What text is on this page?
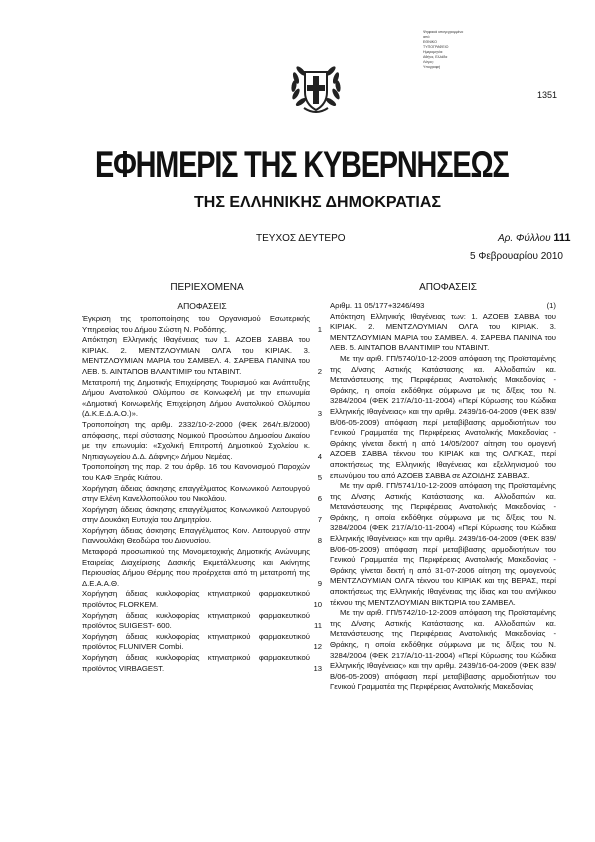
Ψηφιακά υπογεγραμμένο
από
ΕΘΝΙΚΟ
ΤΥΠΟΓΡΑΦΕΙΟ
Ημερομηνία:
Αθήνα, Ελλάδα
Λόγος:
Υπογραφή
1351
ΕΦΗΜΕΡΙΣ ΤΗΣ ΚΥΒΕΡΝΗΣΕΩΣ
ΤΗΣ ΕΛΛΗΝΙΚΗΣ ΔΗΜΟΚΡΑΤΙΑΣ
ΤΕΥΧΟΣ ΔΕΥΤΕΡΟ	Αρ. Φύλλου 111
5 Φεβρουαρίου 2010
ΠΕΡΙΕΧΟΜΕΝΑ
ΑΠΟΦΑΣΕΙΣ
Έγκριση της τροποποίησης του Οργανισμού Εσωτερικής Υπηρεσίας του Δήμου Σώστη Ν. Ροδόπης.	1
Απόκτηση Ελληνικής Ιθαγένειας των 1. ΑΖΟΕΒ ΣΑΒΒΑ του ΚΙΡΙΑΚ. 2. ΜΕΝΤΖΛΟΥΜΙΑΝ ΟΛΓΑ του ΚΙΡΙΑΚ. 3. ΜΕΝΤΖΛΟΥΜΙΑΝ ΜΑΡΙΑ του ΣΑΜΒΕΛ. 4. ΣΑΡΕΒΑ ΠΑΝΙΝΑ του ΛΕΒ. 5. ΑΙΝΤΑΠΟΒ ΒΛΑΝΤΙΜΙΡ του ΝΤΑΒΙΝΤ.	2
Μετατροπή της Δημοτικής Επιχείρησης Τουρισμού και Ανάπτυξης Δήμου Ανατολικού Ολύμπου σε Κοινωφελή με την επωνυμία «Δημοτική Κοινωφελής Επιχείρηση Δήμου Ανατολικού Ολύμπου (Δ.Κ.Ε.Δ.Α.Ο.)».	3
Τροποποίηση της αριθμ. 2332/10-2-2000 (ΦΕΚ 264/τ.Β/2000) απόφασης, περί σύστασης Νομικού Προσώπου Δημοσίου Δικαίου με την επωνυμία: «Σχολική Επιτροπή Δημοτικού Σχολείου κ. Νηπιαγωγείου Δ.Δ. Δάφνης» Δήμου Νεμέας.	4
Τροποποίηση της παρ. 2 του άρθρ. 16 του Κανονισμού Παροχών του ΚΑΦ Ξηράς Κιάτου.	5
Χορήγηση άδειας άσκησης επαγγέλματος Κοινωνικού Λειτουργού στην Ελένη Κανελλοπούλου του Νικολάου.	6
Χορήγηση άδειας άσκησης επαγγέλματος Κοινωνικού Λειτουργού στην Δουκάκη Ευτυχία του Δημητρίου.	7
Χορήγηση άδειας άσκησης Επαγγέλματος Κοιν. Λειτουργού στην Γιαννουλάκη Θεοδώρα του Διονυσίου.	8
Μεταφορά προσωπικού της Μονομετοχικής Δημοτικής Ανώνυμης Εταιρείας Διαχείρισης Δασικής Εκμετάλλευσης και Ακίνητης Περιουσίας Δήμου Θέρμης που προέρχεται από τη μετατροπή της Δ.Ε.Α.Α.Θ.	9
Χορήγηση άδειας κυκλοφορίας κτηνιατρικού φαρμακευτικού προϊόντος FLORKEM.	10
Χορήγηση άδειας κυκλοφορίας κτηνιατρικού φαρμακευτικού προϊόντος SUIGEST- 600.	11
Χορήγηση άδειας κυκλοφορίας κτηνιατρικού φαρμακευτικού προϊόντος FLUNIVER Combi.	12
Χορήγηση άδειας κυκλοφορίας κτηνιατρικού φαρμακευτικού προϊόντος VIRBAGEST.	13
ΑΠΟΦΑΣΕΙΣ
Αριθμ. 11 05/177+3246/493	(1)
Απόκτηση Ελληνικής Ιθαγένειας των: 1. ΑΖΟΕΒ ΣΑΒΒΑ του ΚΙΡΙΑΚ. 2. ΜΕΝΤΖΛΟΥΜΙΑΝ ΟΛΓΑ του ΚΙΡΙΑΚ. 3. ΜΕΝΤΖΛΟΥΜΙΑΝ ΜΑΡΙΑ του ΣΑΜΒΕΛ. 4. ΣΑΡΕΒΑ ΠΑΝΙΝΑ του ΛΕΒ. 5. ΑΙΝΤΑΠΟΒ ΒΛΑΝΤΙΜΙΡ του ΝΤΑΒΙΝΤ.
Με την αριθ. ΓΠ/5740/10-12-2009 απόφαση της Προϊσταμένης της Δ/νσης Αστικής Κατάστασης κα. Αλλοδαπών κα. Μετανάστευσης της Περιφέρειας Ανατολικής Μακεδονίας - Θράκης, η οποία εκδόθηκε σύμφωνα με τις δ/ξεις του Ν. 3284/2004 (ΦΕΚ 217/Α/10-11-2004) «Περί Κύρωσης του Κώδικα Ελληνικής Ιθαγένειας» και την αριθμ. 2439/16-04-2009 (ΦΕΚ 839/Β/06-05-2009) απόφαση περί μεταβίβασης αρμοδιοτήτων του Γενικού Γραμματέα της Περιφέρειας Ανατολικής Μακεδονίας - Θράκης γίνεται δεκτή η από 14/05/2007 αίτηση του ομογενή ΑΖΟΕΒ ΣΑΒΒΑ τέκνου του ΚΙΡΙΑΚ και της ΟΛΓΚΑΣ, περί αποκτήσεως της Ελληνικής Ιθαγένειας και εξελληνισμού του επωνύμου του από ΑΖΟΕΒ ΣΑΒΒΑ σε ΑΖΟΙΔΗΣ ΣΑΒΒΑΣ.
Με την αριθ. ΓΠ/5741/10-12-2009 απόφαση της Προϊσταμένης της Δ/νσης Αστικής Κατάστασης κα. Αλλοδαπών κα. Μετανάστευσης της Περιφέρειας Ανατολικής Μακεδονίας - Θράκης, η οποία εκδόθηκε σύμφωνα με τις δ/ξεις του Ν. 3284/2004 (ΦΕΚ 217/Α/10-11-2004) «Περί Κύρωσης του Κώδικα Ελληνικής Ιθαγένειας» και την αριθμ. 2439/16-04-2009 (ΦΕΚ 839/Β/06-05-2009) απόφαση περί μεταβίβασης αρμοδιοτήτων του Γενικού Γραμματέα της Περιφέρειας Ανατολικής Μακεδονίας - Θράκης γίνεται δεκτή η από 31-07-2006 αίτηση της ομογενούς ΜΕΝΤΖΛΟΥΜΙΑΝ ΟΛΓΑ τέκνου του ΚΙΡΙΑΚ και της ΒΕΡΑΣ, περί αποκτήσεως της Ελληνικής Ιθαγένειας της ίδιας και του ανήλικου τέκνου της ΜΕΝΤΖΛΟΥΜΙΑΝ ΒΙΚΤΩΡΙΑ του ΣΑΜΒΕΛ.
Με την αριθ. ΓΠ/5742/10-12-2009 απόφαση της Προϊσταμένης της Δ/νσης Αστικής Κατάστασης κα. Αλλοδαπών κα. Μετανάστευσης της Περιφέρειας Ανατολικής Μακεδονίας - Θράκης, η οποία εκδόθηκε σύμφωνα με τις δ/ξεις του Ν. 3284/2004 (ΦΕΚ 217/Α/10-11-2004) «Περί Κύρωσης του Κώδικα Ελληνικής Ιθαγένειας» και την αριθμ. 2439/16-04-2009 (ΦΕΚ 839/Β/06-05-2009) απόφαση περί μεταβίβασης αρμοδιοτήτων του Γενικού Γραμματέα της Περιφέρειας Ανατολικής Μακεδονίας
